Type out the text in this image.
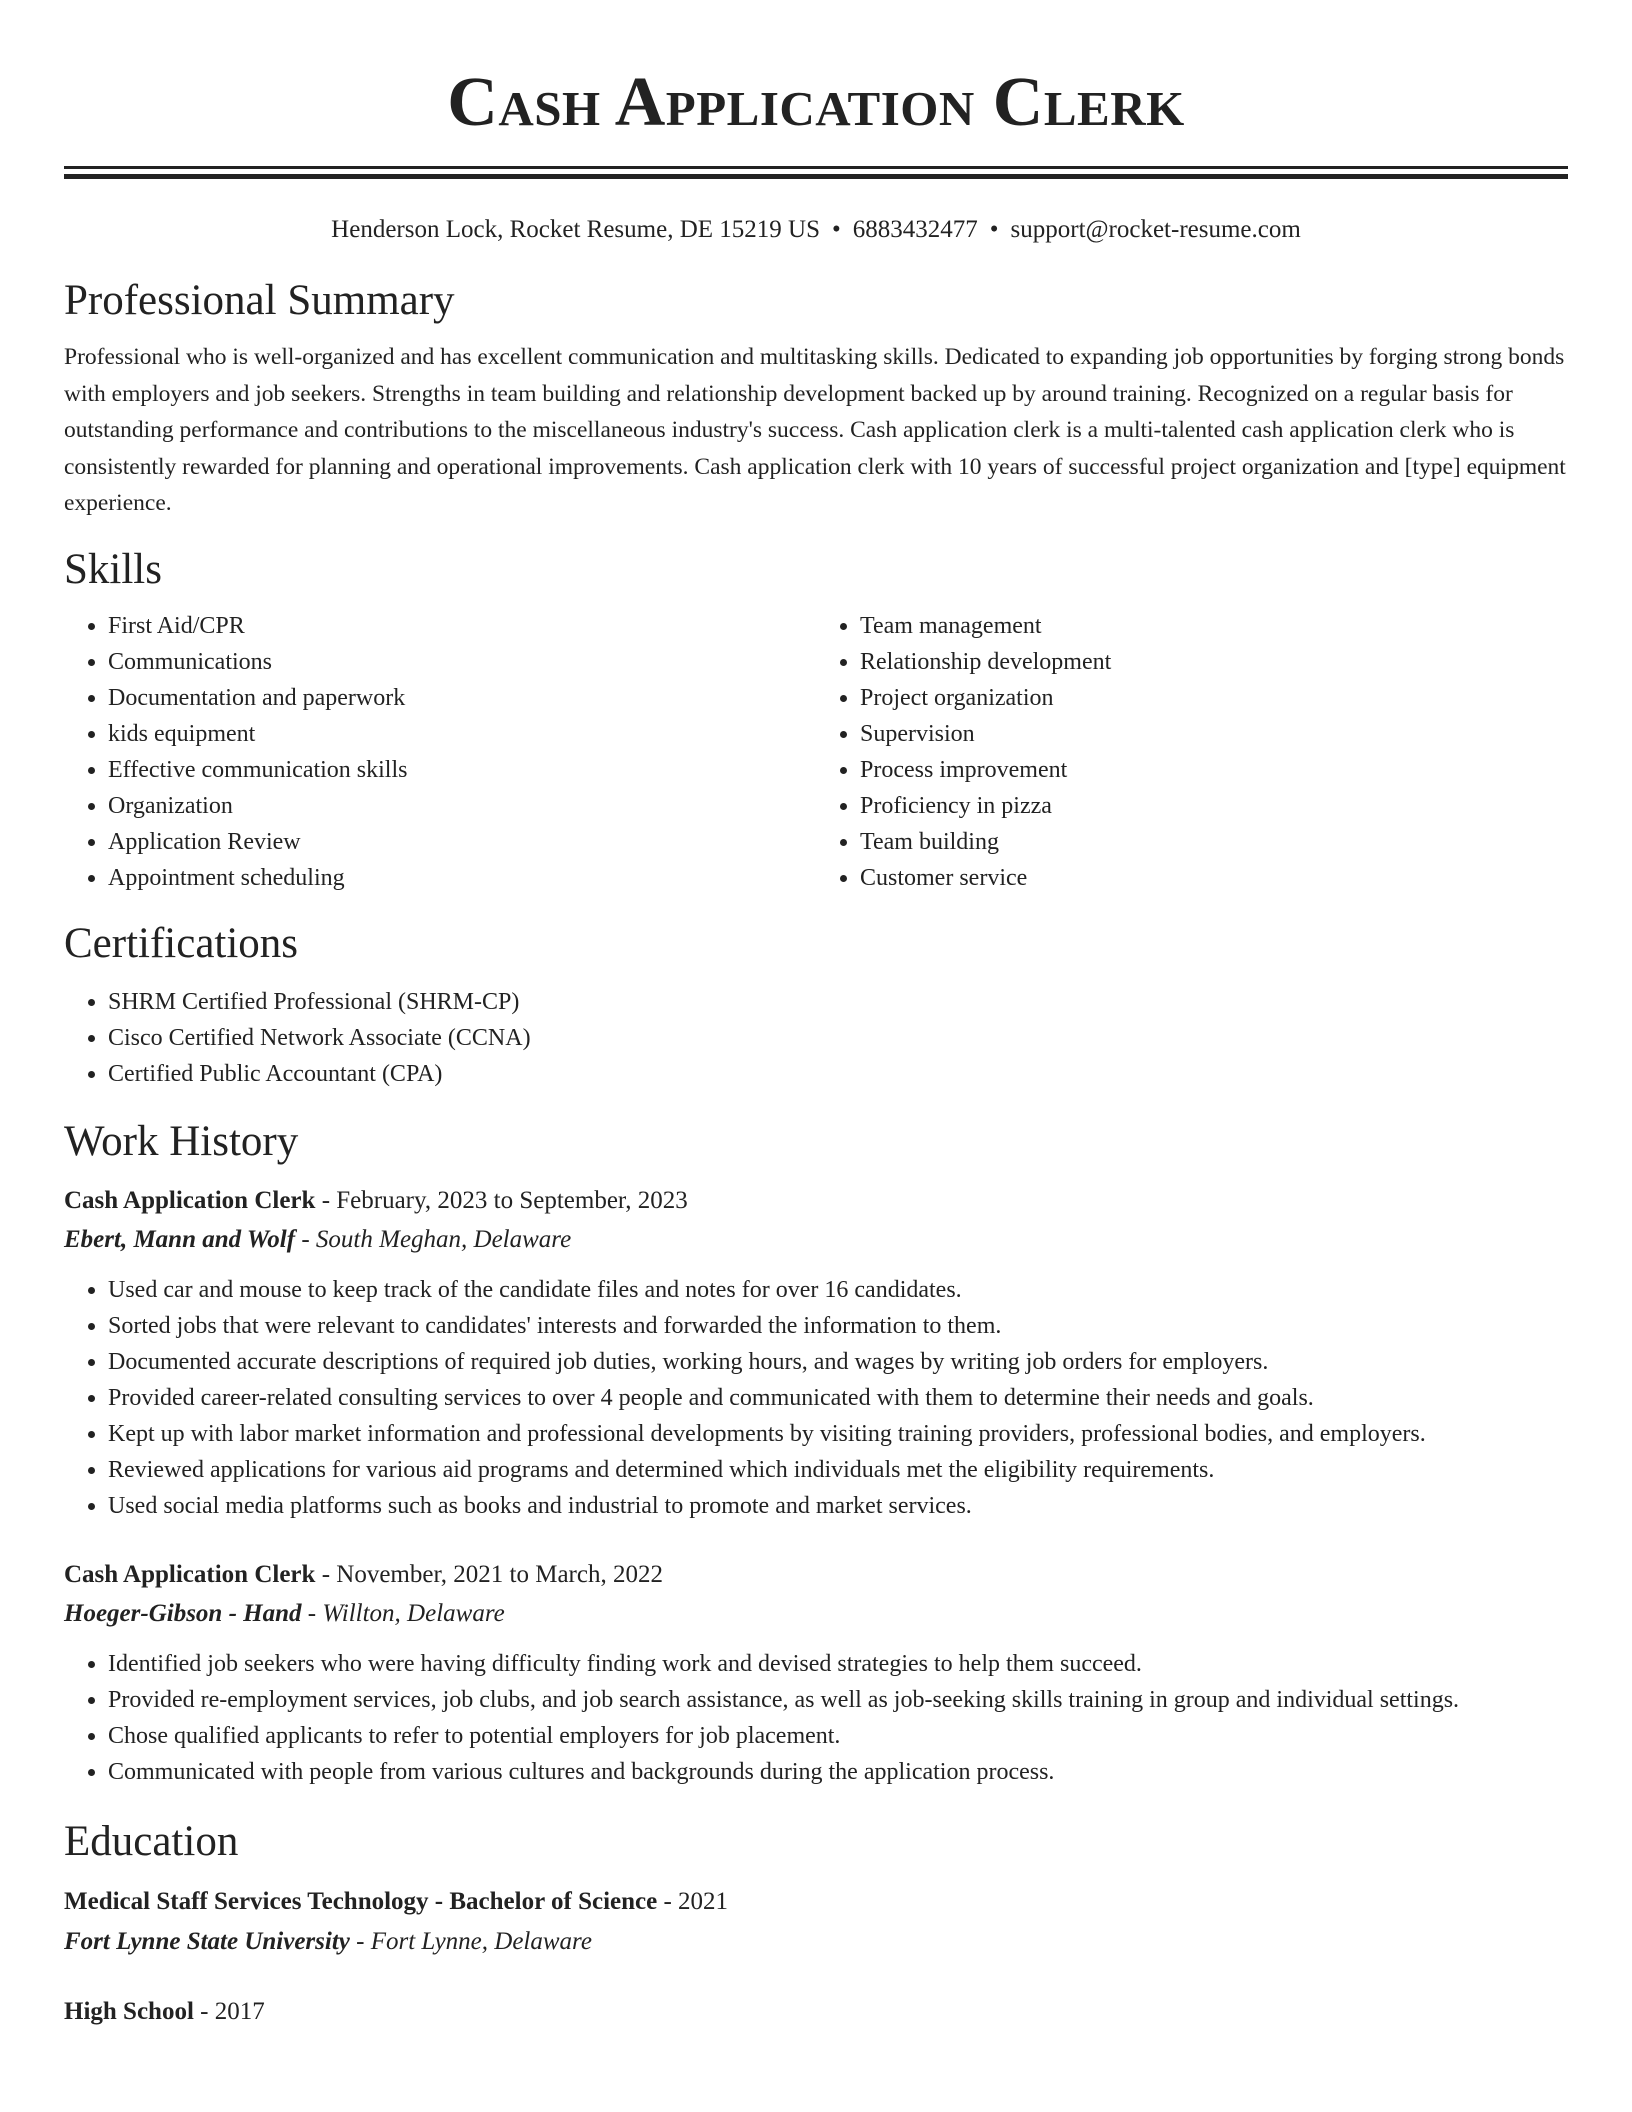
Cash Application Clerk
Henderson Lock, Rocket Resume, DE 15219 US • 6883432477 • support@rocket-resume.com
Professional Summary

Professional who is well-organized and has excellent communication and multitasking skills. Dedicated to expanding job opportunities by forging strong bonds with employers and job seekers. Strengths in team building and relationship development backed up by around training. Recognized on a regular basis for outstanding performance and contributions to the miscellaneous industry's success. Cash application clerk is a multi-talented cash application clerk who is consistently rewarded for planning and operational improvements. Cash application clerk with 10 years of successful project organization and [type] equipment experience.

Skills
• First Aid/CPR
• Communications
• Documentation and paperwork
• kids equipment
• Effective communication skills
• Organization
• Application Review
• Appointment scheduling
• Team management
• Relationship development
• Project organization
• Supervision
• Process improvement
• Proficiency in pizza
• Team building
• Customer service
Certifications
• SHRM Certified Professional (SHRM-CP)
• Cisco Certified Network Associate (CCNA)
• Certified Public Accountant (CPA)
Work History
Cash Application Clerk - February, 2023 to September, 2023
Ebert, Mann and Wolf - South Meghan, Delaware
• Used car and mouse to keep track of the candidate files and notes for over 16 candidates.
• Sorted jobs that were relevant to candidates' interests and forwarded the information to them.
• Documented accurate descriptions of required job duties, working hours, and wages by writing job orders for employers.
• Provided career-related consulting services to over 4 people and communicated with them to determine their needs and goals.
• Kept up with labor market information and professional developments by visiting training providers, professional bodies, and employers.
• Reviewed applications for various aid programs and determined which individuals met the eligibility requirements.
• Used social media platforms such as books and industrial to promote and market services.
Cash Application Clerk - November, 2021 to March, 2022
Hoeger-Gibson - Hand - Willton, Delaware
• Identified job seekers who were having difficulty finding work and devised strategies to help them succeed.
• Provided re-employment services, job clubs, and job search assistance, as well as job-seeking skills training in group and individual settings.
• Chose qualified applicants to refer to potential employers for job placement.
• Communicated with people from various cultures and backgrounds during the application process.
Education
Medical Staff Services Technology - Bachelor of Science - 2021
Fort Lynne State University - Fort Lynne, Delaware
High School - 2017
